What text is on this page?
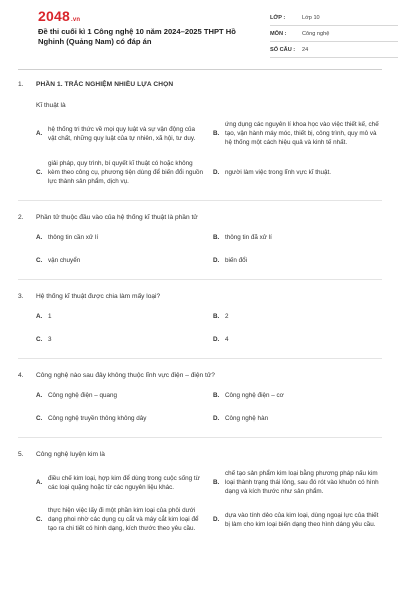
2048.vn
Đề thi cuối kì 1 Công nghệ 10 năm 2024–2025 THPT Hồ Nghinh (Quảng Nam) có đáp án
LỚP :	Lớp 10
MÔN :	Công nghệ
SỐ CÂU :	24
1.	PHẦN 1. TRẮC NGHIỆM NHIỀU LỰA CHỌN
Kĩ thuật là
A.
hệ thống tri thức về mọi quy luật và sự vận động của vật chất, những quy luật của tự nhiên, xã hội, tư duy.
B.
ứng dụng các nguyên lí khoa học vào việc thiết kế, chế tạo, vận hành máy móc, thiết bị, công trình, quy mô và hệ thống một cách hiệu quả và kinh tế nhất.
C.
giải pháp, quy trình, bí quyết kĩ thuật có hoặc không kèm theo công cụ, phương tiện dùng để biến đổi nguồn lực thành sản phẩm, dịch vụ.
D. người làm việc trong lĩnh vực kĩ thuật.
2.	Phần tử thuộc đầu vào của hệ thống kĩ thuật là phần tử
A. thông tin cần xử lí	B. thông tin đã xử lí
C. vận chuyển	D. biến đổi
3.	Hệ thống kĩ thuật được chia làm mấy loại?
A. 1	B. 2
C. 3	D. 4
4.	Công nghệ nào sau đây không thuộc lĩnh vực điện – điện tử?
A. Công nghệ điện – quang	B. Công nghệ điện – cơ
C. Công nghệ truyền thông không dây	D. Công nghệ hàn
5.	Công nghệ luyện kim là
A.
điều chế kim loại, hợp kim để dùng trong cuộc sống từ các loại quặng hoặc từ các nguyên liệu khác.
B.
chế tạo sản phẩm kim loại bằng phương pháp nấu kim loại thành trạng thái lỏng, sau đó rót vào khuôn có hình dạng và kích thước như sản phẩm.
C.
thực hiện việc lấy đi một phần kim loại của phôi dưới dạng phoi nhờ các dụng cụ cắt và máy cắt kim loại để tạo ra chi tiết có hình dạng, kích thước theo yêu cầu.
D.
dựa vào tính dẻo của kim loại, dùng ngoại lực của thiết bị làm cho kim loại biến dạng theo hình dáng yêu cầu.
